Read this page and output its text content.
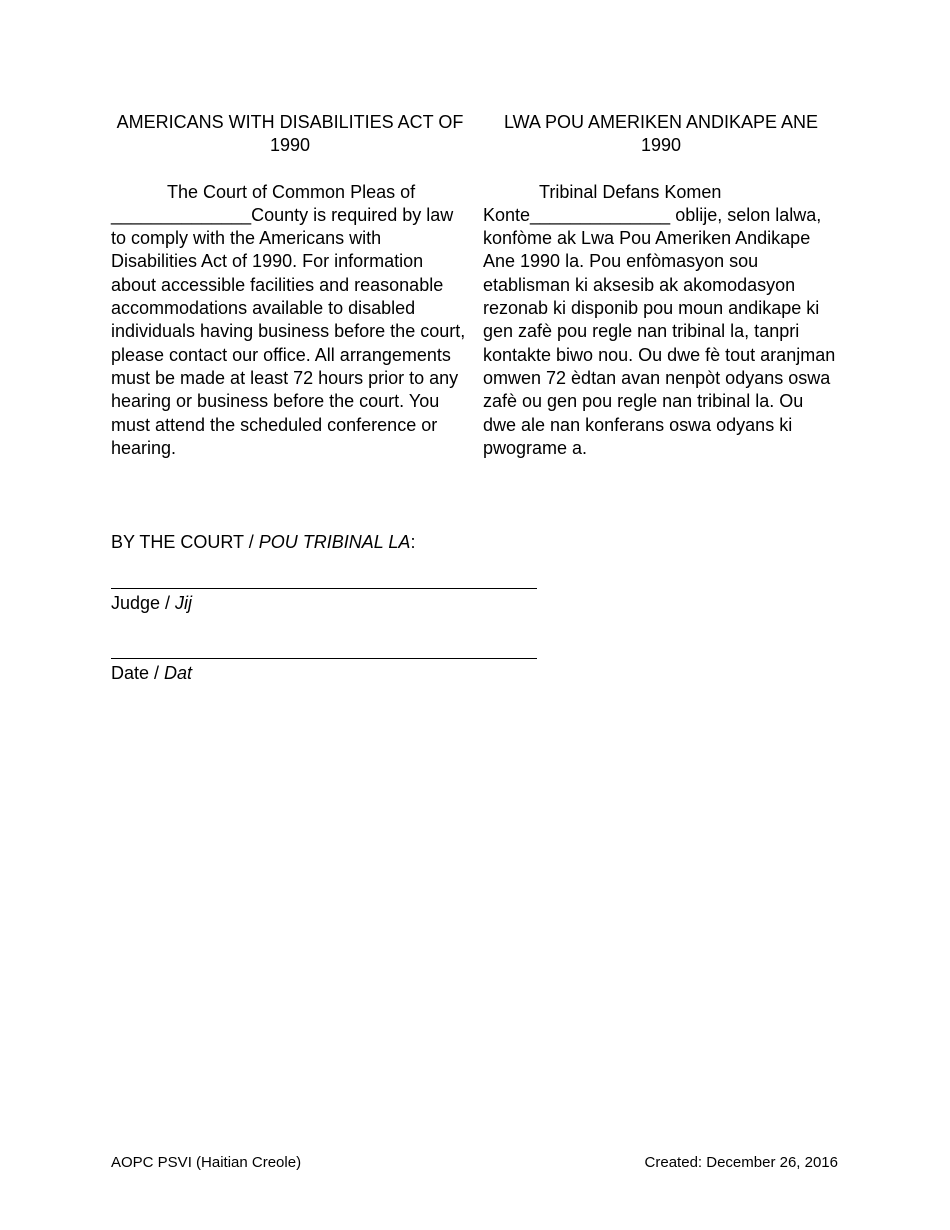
AMERICANS WITH DISABILITIES ACT OF 1990

The Court of Common Pleas of
______________County is required by law
to comply with the Americans with Disabilities Act of 1990. For information about accessible facilities and reasonable accommodations available to disabled individuals having business before the court, please contact our office. All arrangements must be made at least 72 hours prior to any hearing or business before the court. You must attend the scheduled conference or hearing.

LWA POU AMERIKEN ANDIKAPE ANE 1990

Tribinal Defans Komen
Konte______________ oblije, selon lalwa,
konfòme ak Lwa Pou Ameriken Andikape Ane 1990 la. Pou enfòmasyon sou etablisman ki aksesib ak akomodasyon rezonab ki disponib pou moun andikape ki gen zafè pou regle nan tribinal la, tanpri kontakte biwo nou. Ou dwe fè tout aranjman omwen 72 èdtan avan nenpòt odyans oswa zafè ou gen pou regle nan tribinal la. Ou dwe ale nan konferans oswa odyans ki pwograme a.

BY THE COURT / POU TRIBINAL LA:
Judge / Jij
Date / Dat
AOPC PSVI (Haitian Creole)	Created: December 26, 2016
